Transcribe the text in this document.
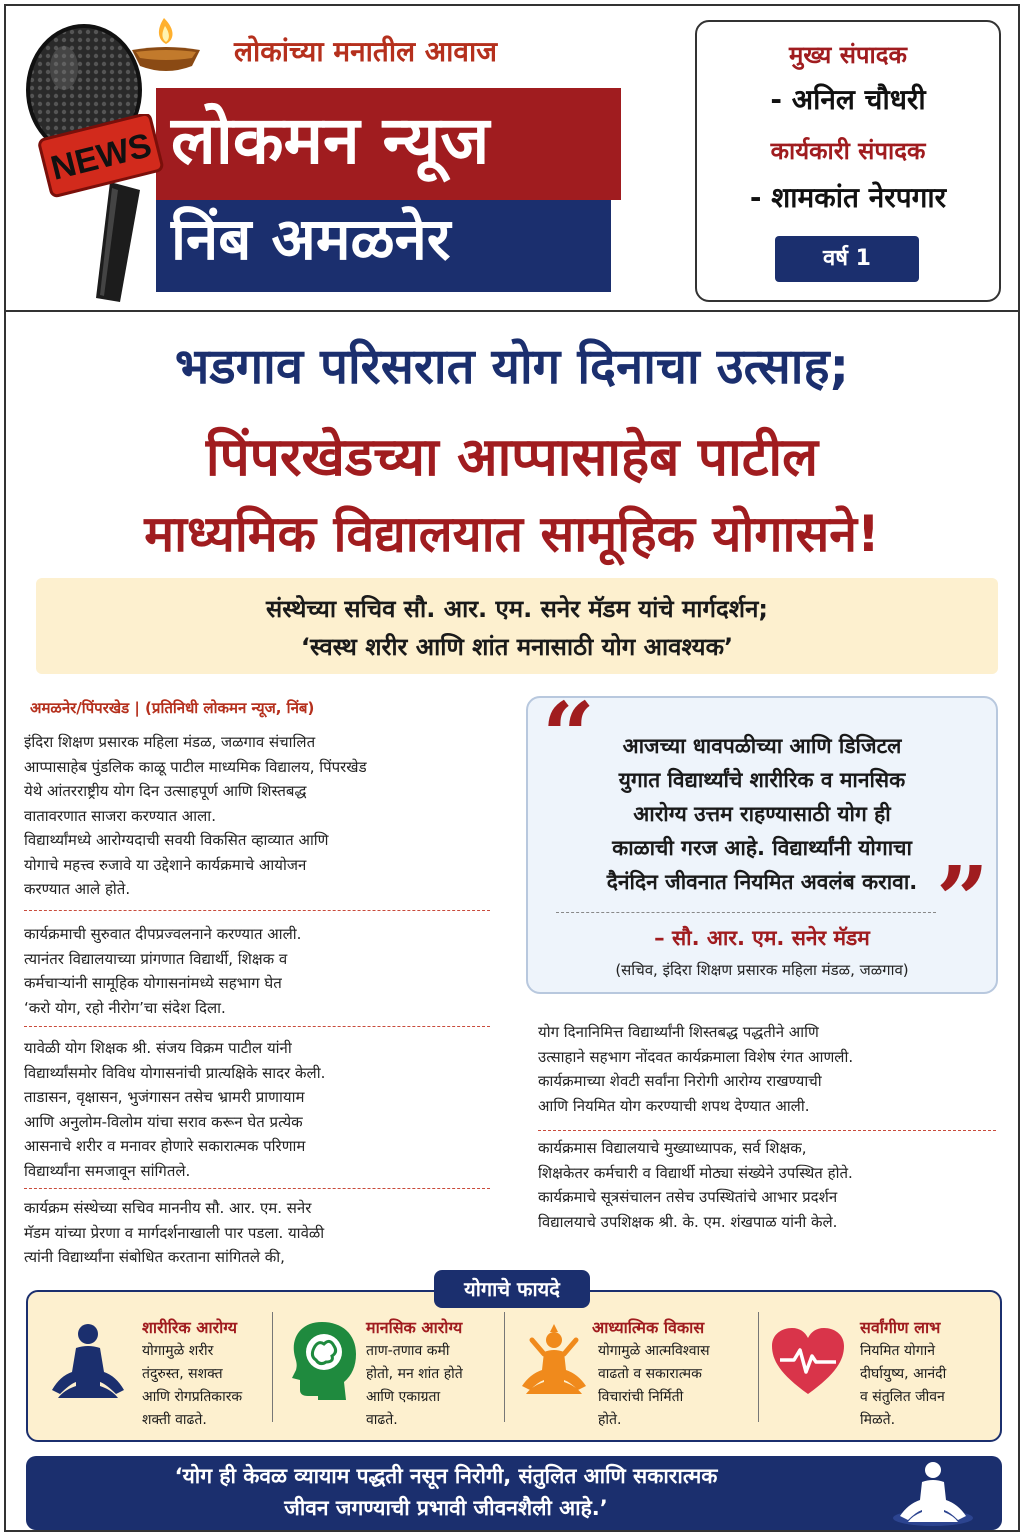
लोकांच्या मनातील आवाज
लोकमन न्यूज
निंब अमळनेर
NEWS
मुख्य संपादक
- अनिल चौधरी
कार्यकारी संपादक
- शामकांत नेरपगार
वर्ष 1
भडगाव परिसरात योग दिनाचा उत्साह;
पिंपरखेडच्या आप्पासाहेब पाटील
माध्यमिक विद्यालयात सामूहिक योगासने!
संस्थेच्या सचिव सौ. आर. एम. सनेर मॅडम यांचे मार्गदर्शन;
‘स्वस्थ शरीर आणि शांत मनासाठी योग आवश्यक’
अमळनेर/पिंपरखेड | (प्रतिनिधी लोकमन न्यूज, निंब)
इंदिरा शिक्षण प्रसारक महिला मंडळ, जळगाव संचालित
आप्पासाहेब पुंडलिक काळू पाटील माध्यमिक विद्यालय, पिंपरखेड
येथे आंतरराष्ट्रीय योग दिन उत्साहपूर्ण आणि शिस्तबद्ध
वातावरणात साजरा करण्यात आला.
विद्यार्थ्यांमध्ये आरोग्यदाची सवयी विकसित व्हाव्यात आणि
योगाचे महत्त्व रुजावे या उद्देशाने कार्यक्रमाचे आयोजन
करण्यात आले होते.
कार्यक्रमाची सुरुवात दीपप्रज्वलनाने करण्यात आली.
त्यानंतर विद्यालयाच्या प्रांगणात विद्यार्थी, शिक्षक व
कर्मचाऱ्यांनी सामूहिक योगासनांमध्ये सहभाग घेत
‘करो योग, रहो नीरोग’चा संदेश दिला.
यावेळी योग शिक्षक श्री. संजय विक्रम पाटील यांनी
विद्यार्थ्यांसमोर विविध योगासनांची प्रात्यक्षिके सादर केली.
ताडासन, वृक्षासन, भुजंगासन तसेच भ्रामरी प्राणायाम
आणि अनुलोम-विलोम यांचा सराव करून घेत प्रत्येक
आसनाचे शरीर व मनावर होणारे सकारात्मक परिणाम
विद्यार्थ्यांना समजावून सांगितले.
कार्यक्रम संस्थेच्या सचिव माननीय सौ. आर. एम. सनेर
मॅडम यांच्या प्रेरणा व मार्गदर्शनाखाली पार पडला. यावेळी
त्यांनी विद्यार्थ्यांना संबोधित करताना सांगितले की,
“	आजच्या धावपळीच्या आणि डिजिटल
युगात विद्यार्थ्यांचे शारीरिक व मानसिक
आरोग्य उत्तम राहण्यासाठी योग ही
काळाची गरज आहे. विद्यार्थ्यांनी योगाचा
दैनंदिन जीवनात नियमित अवलंब करावा. ”
– सौ. आर. एम. सनेर मॅडम
(सचिव, इंदिरा शिक्षण प्रसारक महिला मंडळ, जळगाव)
योग दिनानिमित्त विद्यार्थ्यांनी शिस्तबद्ध पद्धतीने आणि
उत्साहाने सहभाग नोंदवत कार्यक्रमाला विशेष रंगत आणली.
कार्यक्रमाच्या शेवटी सर्वांना निरोगी आरोग्य राखण्याची
आणि नियमित योग करण्याची शपथ देण्यात आली.
कार्यक्रमास विद्यालयाचे मुख्याध्यापक, सर्व शिक्षक,
शिक्षकेतर कर्मचारी व विद्यार्थी मोठ्या संख्येने उपस्थित होते.
कार्यक्रमाचे सूत्रसंचालन तसेच उपस्थितांचे आभार प्रदर्शन
विद्यालयाचे उपशिक्षक श्री. के. एम. शंखपाळ यांनी केले.
योगाचे फायदे
शारीरिक आरोग्य
योगामुळे शरीर
तंदुरुस्त, सशक्त
आणि रोगप्रतिकारक
शक्ती वाढते.
मानसिक आरोग्य
ताण-तणाव कमी
होतो, मन शांत होते
आणि एकाग्रता
वाढते.
आध्यात्मिक विकास
योगामुळे आत्मविश्वास
वाढतो व सकारात्मक
विचारांची निर्मिती
होते.
सर्वांगीण लाभ
नियमित योगाने
दीर्घायुष्य, आनंदी
व संतुलित जीवन
मिळते.
‘योग ही केवळ व्यायाम पद्धती नसून निरोगी, संतुलित आणि सकारात्मक
जीवन जगण्याची प्रभावी जीवनशैली आहे.’
